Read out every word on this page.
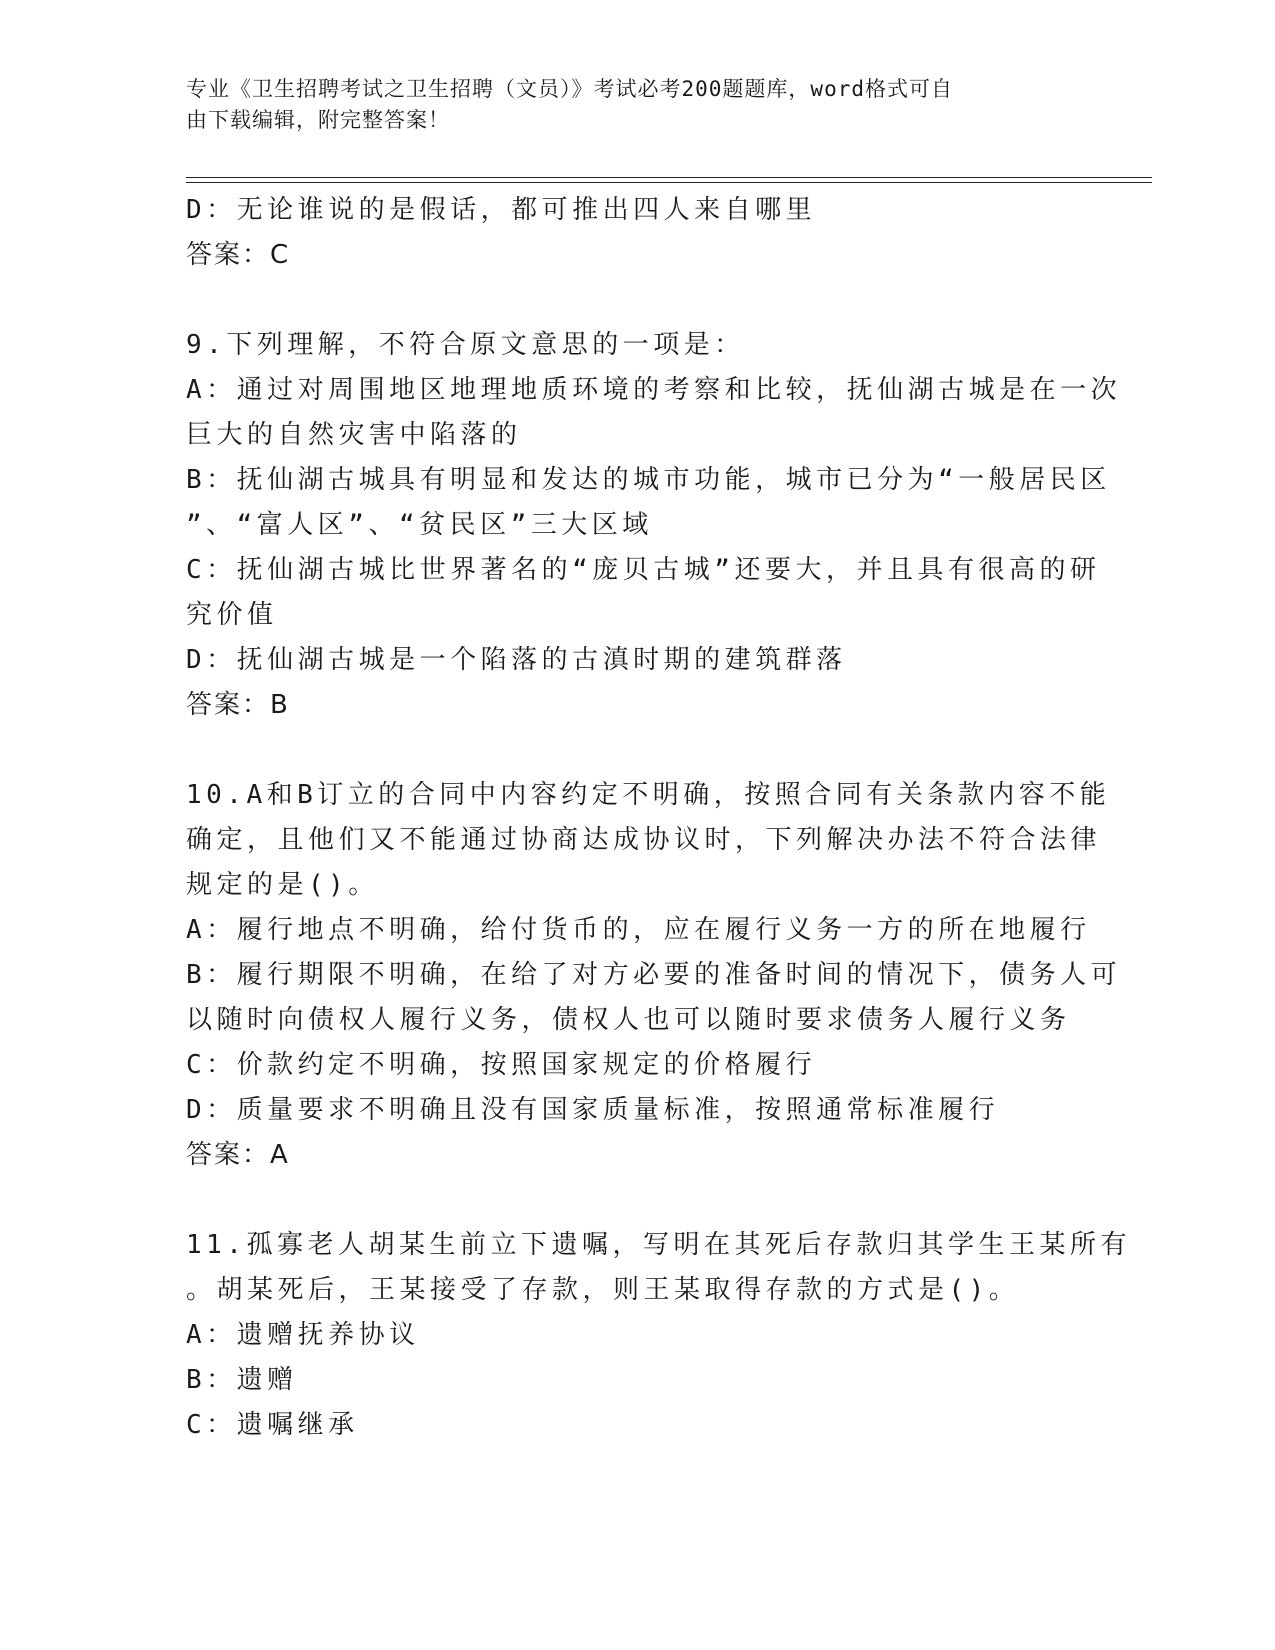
专业《卫生招聘考试之卫生招聘（文员）》考试必考200题题库，word格式可自
由下载编辑，附完整答案！
D：无论谁说的是假话，都可推出四人来自哪里
答案：C
9.下列理解，不符合原文意思的一项是：
A：通过对周围地区地理地质环境的考察和比较，抚仙湖古城是在一次
巨大的自然灾害中陷落的
B：抚仙湖古城具有明显和发达的城市功能，城市已分为“一般居民区
”、“富人区”、“贫民区”三大区域
C：抚仙湖古城比世界著名的“庞贝古城”还要大，并且具有很高的研
究价值
D：抚仙湖古城是一个陷落的古滇时期的建筑群落
答案：B
10.A和B订立的合同中内容约定不明确，按照合同有关条款内容不能
确定，且他们又不能通过协商达成协议时，下列解决办法不符合法律
规定的是()。
A：履行地点不明确，给付货币的，应在履行义务一方的所在地履行
B：履行期限不明确，在给了对方必要的准备时间的情况下，债务人可
以随时向债权人履行义务，债权人也可以随时要求债务人履行义务
C：价款约定不明确，按照国家规定的价格履行
D：质量要求不明确且没有国家质量标准，按照通常标准履行
答案：A
11.孤寡老人胡某生前立下遗嘱，写明在其死后存款归其学生王某所有
。胡某死后，王某接受了存款，则王某取得存款的方式是()。
A：遗赠抚养协议
B：遗赠
C：遗嘱继承
